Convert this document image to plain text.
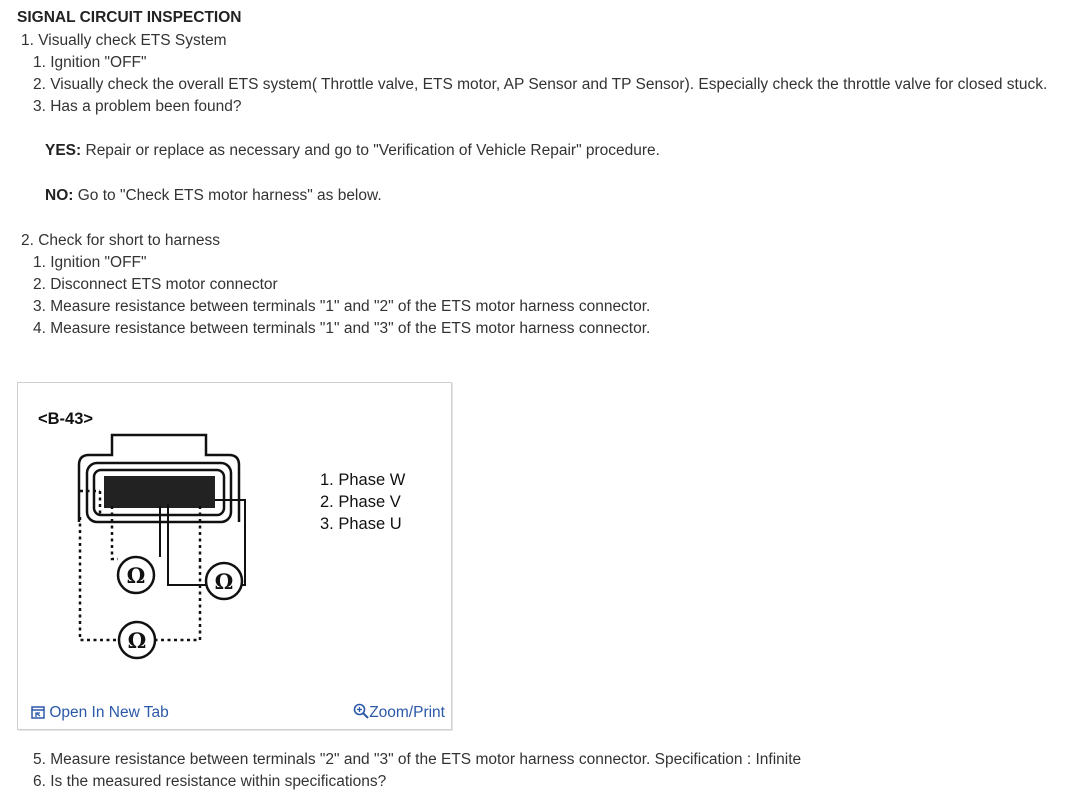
SIGNAL CIRCUIT INSPECTION
1. Visually check ETS System
1. Ignition "OFF"
2. Visually check the overall ETS system( Throttle valve, ETS motor, AP Sensor and TP Sensor). Especially check the throttle valve for closed stuck.
3. Has a problem been found?
YES: Repair or replace as necessary and go to "Verification of Vehicle Repair" procedure.
NO: Go to "Check ETS motor harness" as below.
2. Check for short to harness
1. Ignition "OFF"
2. Disconnect ETS motor connector
3. Measure resistance between terminals "1" and "2" of the ETS motor harness connector.
4. Measure resistance between terminals "1" and "3" of the ETS motor harness connector.
<B-43>
Ω	Ω
Ω
1. Phase W
2. Phase V
3. Phase U
Open In New Tab	Zoom/Print
5. Measure resistance between terminals "2" and "3" of the ETS motor harness connector. Specification : Infinite
6. Is the measured resistance within specifications?
